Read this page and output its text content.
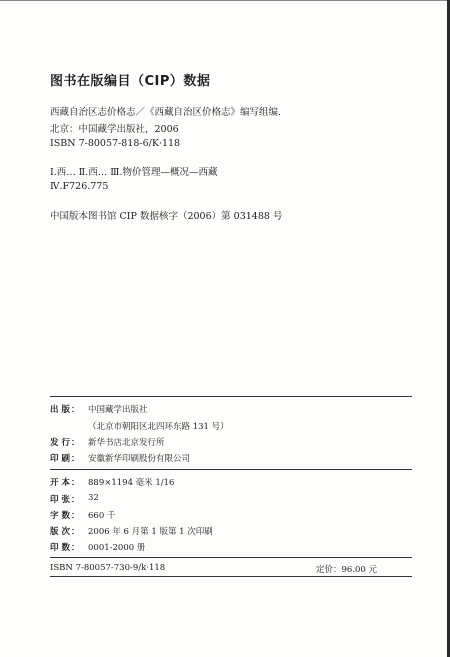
图书在版编目（CIP）数据
西藏自治区志价格志／《西藏自治区价格志》编写组编.
北京：中国藏学出版社，2006
ISBN 7-80057-818-6/K·118
Ⅰ.西… Ⅱ.西… Ⅲ.物价管理—概况—西藏
Ⅳ.F726.775
中国版本图书馆 CIP 数据核字（2006）第 031488 号
出 版：	中国藏学出版社
（北京市朝阳区北四环东路 131 号）
发 行：	新华书店北京发行所
印 刷：	安徽新华印刷股份有限公司
开 本：	889×1194 毫米 1/16
印 张：	32
字 数：	660 千
版 次：	2006 年 6 月第 1 版第 1 次印刷
印 数：	0001-2000 册
ISBN 7-80057-730-9/k·118	定价：96.00 元
